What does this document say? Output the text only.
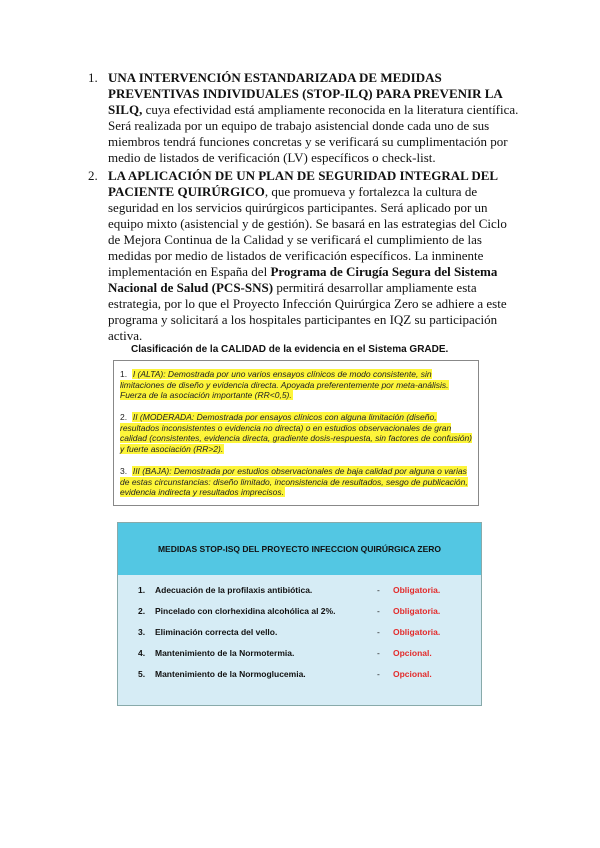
1. UNA INTERVENCIÓN ESTANDARIZADA DE MEDIDAS PREVENTIVAS INDIVIDUALES (STOP-ILQ) PARA PREVENIR LA SILQ, cuya efectividad está ampliamente reconocida en la literatura científica. Será realizada por un equipo de trabajo asistencial donde cada uno de sus miembros tendrá funciones concretas y se verificará su cumplimentación por medio de listados de verificación (LV) específicos o check-list.
2. LA APLICACIÓN DE UN PLAN DE SEGURIDAD INTEGRAL DEL PACIENTE QUIRÚRGICO, que promueva y fortalezca la cultura de seguridad en los servicios quirúrgicos participantes. Será aplicado por un equipo mixto (asistencial y de gestión). Se basará en las estrategias del Ciclo de Mejora Continua de la Calidad y se verificará el cumplimiento de las medidas por medio de listados de verificación específicos. La inminente implementación en España del Programa de Cirugía Segura del Sistema Nacional de Salud (PCS-SNS) permitirá desarrollar ampliamente esta estrategia, por lo que el Proyecto Infección Quirúrgica Zero se adhiere a este programa y solicitará a los hospitales participantes en IQZ su participación activa.
Clasificación de la CALIDAD de la evidencia en el Sistema GRADE.
1. I (ALTA): Demostrada por uno varios ensayos clínicos de modo consistente, sin limitaciones de diseño y evidencia directa. Apoyada preferentemente por meta-análisis. Fuerza de la asociación importante (RR<0,5).
2. II (MODERADA: Demostrada por ensayos clínicos con alguna limitación (diseño, resultados inconsistentes o evidencia no directa) o en estudios observacionales de gran calidad (consistentes, evidencia directa, gradiente dosis-respuesta, sin factores de confusión) y fuerte asociación (RR>2).
3. III (BAJA): Demostrada por estudios observacionales de baja calidad por alguna o varias de estas circunstancias: diseño limitado, inconsistencia de resultados, sesgo de publicación, evidencia indirecta y resultados imprecisos.
MEDIDAS STOP-ISQ DEL PROYECTO INFECCION QUIRÚRGICA ZERO
1. Adecuación de la profilaxis antibiótica.	- Obligatoria.
2. Pincelado con clorhexidina alcohólica al 2%.	- Obligatoria.
3. Eliminación correcta del vello.	- Obligatoria.
4. Mantenimiento de la Normotermia.	- Opcional.
5. Mantenimiento de la Normoglucemia.	- Opcional.
